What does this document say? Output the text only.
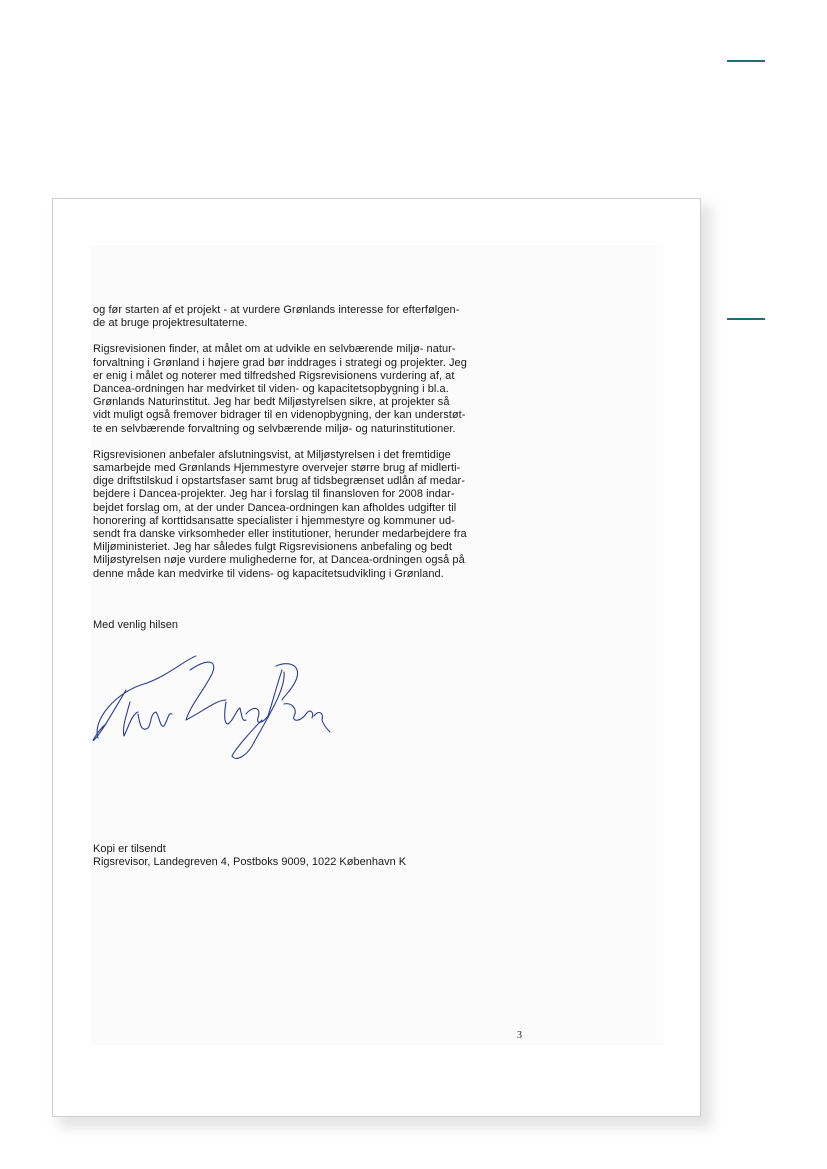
og før starten af et projekt - at vurdere Grønlands interesse for efterfølgen-
de at bruge projektresultaterne.

Rigsrevisionen finder, at målet om at udvikle en selvbærende miljø- natur-
forvaltning i Grønland i højere grad bør inddrages i strategi og projekter. Jeg
er enig i målet og noterer med tilfredshed Rigsrevisionens vurdering af, at
Dancea-ordningen har medvirket til viden- og kapacitetsopbygning i bl.a.
Grønlands Naturinstitut. Jeg har bedt Miljøstyrelsen sikre, at projekter så
vidt muligt også fremover bidrager til en videnopbygning, der kan understøt-
te en selvbærende forvaltning og selvbærende miljø- og naturinstitutioner.

Rigsrevisionen anbefaler afslutningsvist, at Miljøstyrelsen i det fremtidige
samarbejde med Grønlands Hjemmestyre overvejer større brug af midlerti-
dige driftstilskud i opstartsfaser samt brug af tidsbegrænset udlån af medar-
bejdere i Dancea-projekter. Jeg har i forslag til finansloven for 2008 indar-
bejdet forslag om, at der under Dancea-ordningen kan afholdes udgifter til
honorering af korttidsansatte specialister i hjemmestyre og kommuner ud-
sendt fra danske virksomheder eller institutioner, herunder medarbejdere fra
Miljøministeriet. Jeg har således fulgt Rigsrevisionens anbefaling og bedt
Miljøstyrelsen nøje vurdere mulighederne for, at Dancea-ordningen også på
denne måde kan medvirke til videns- og kapacitetsudvikling i Grønland.

Med venlig hilsen
Kopi er tilsendt
Rigsrevisor, Landegreven 4, Postboks 9009, 1022 København K
3
